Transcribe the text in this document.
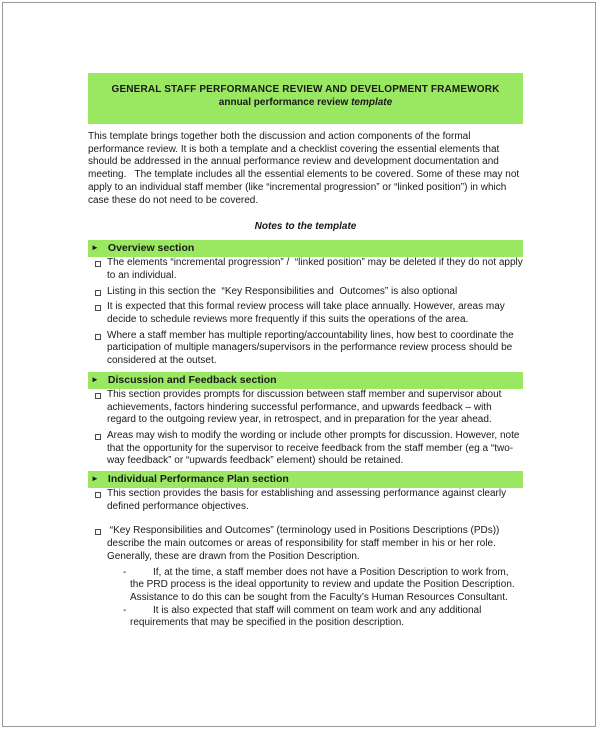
GENERAL STAFF PERFORMANCE REVIEW AND DEVELOPMENT FRAMEWORK
annual performance review template
This template brings together both the discussion and action components of the formal performance review. It is both a template and a checklist covering the essential elements that should be addressed in the annual performance review and development documentation and meeting.   The template includes all the essential elements to be covered. Some of these may not apply to an individual staff member (like “incremental progression” or “linked position”) in which case these do not need to be covered.
Notes to the template
► Overview section
The elements “incremental progression” /  “linked position” may be deleted if they do not apply to an individual.
Listing in this section the  “Key Responsibilities and  Outcomes” is also optional
It is expected that this formal review process will take place annually. However, areas may decide to schedule reviews more frequently if this suits the operations of the area.
Where a staff member has multiple reporting/accountability lines, how best to coordinate the participation of multiple managers/supervisors in the performance review process should be considered at the outset.
► Discussion and Feedback section
This section provides prompts for discussion between staff member and supervisor about achievements, factors hindering successful performance, and upwards feedback – with regard to the outgoing review year, in retrospect, and in preparation for the year ahead.
Areas may wish to modify the wording or include other prompts for discussion. However, note that the opportunity for the supervisor to receive feedback from the staff member (eg a “two-way feedback” or “upwards feedback” element) should be retained.
► Individual Performance Plan section
This section provides the basis for establishing and assessing performance against clearly defined performance objectives.
“Key Responsibilities and Outcomes” (terminology used in Positions Descriptions (PDs)) describe the main outcomes or areas of responsibility for staff member in his or her role. Generally, these are drawn from the Position Description.
-	If, at the time, a staff member does not have a Position Description to work from, the PRD process is the ideal opportunity to review and update the Position Description. Assistance to do this can be sought from the Faculty’s Human Resources Consultant.
-	It is also expected that staff will comment on team work and any additional requirements that may be specified in the position description.
